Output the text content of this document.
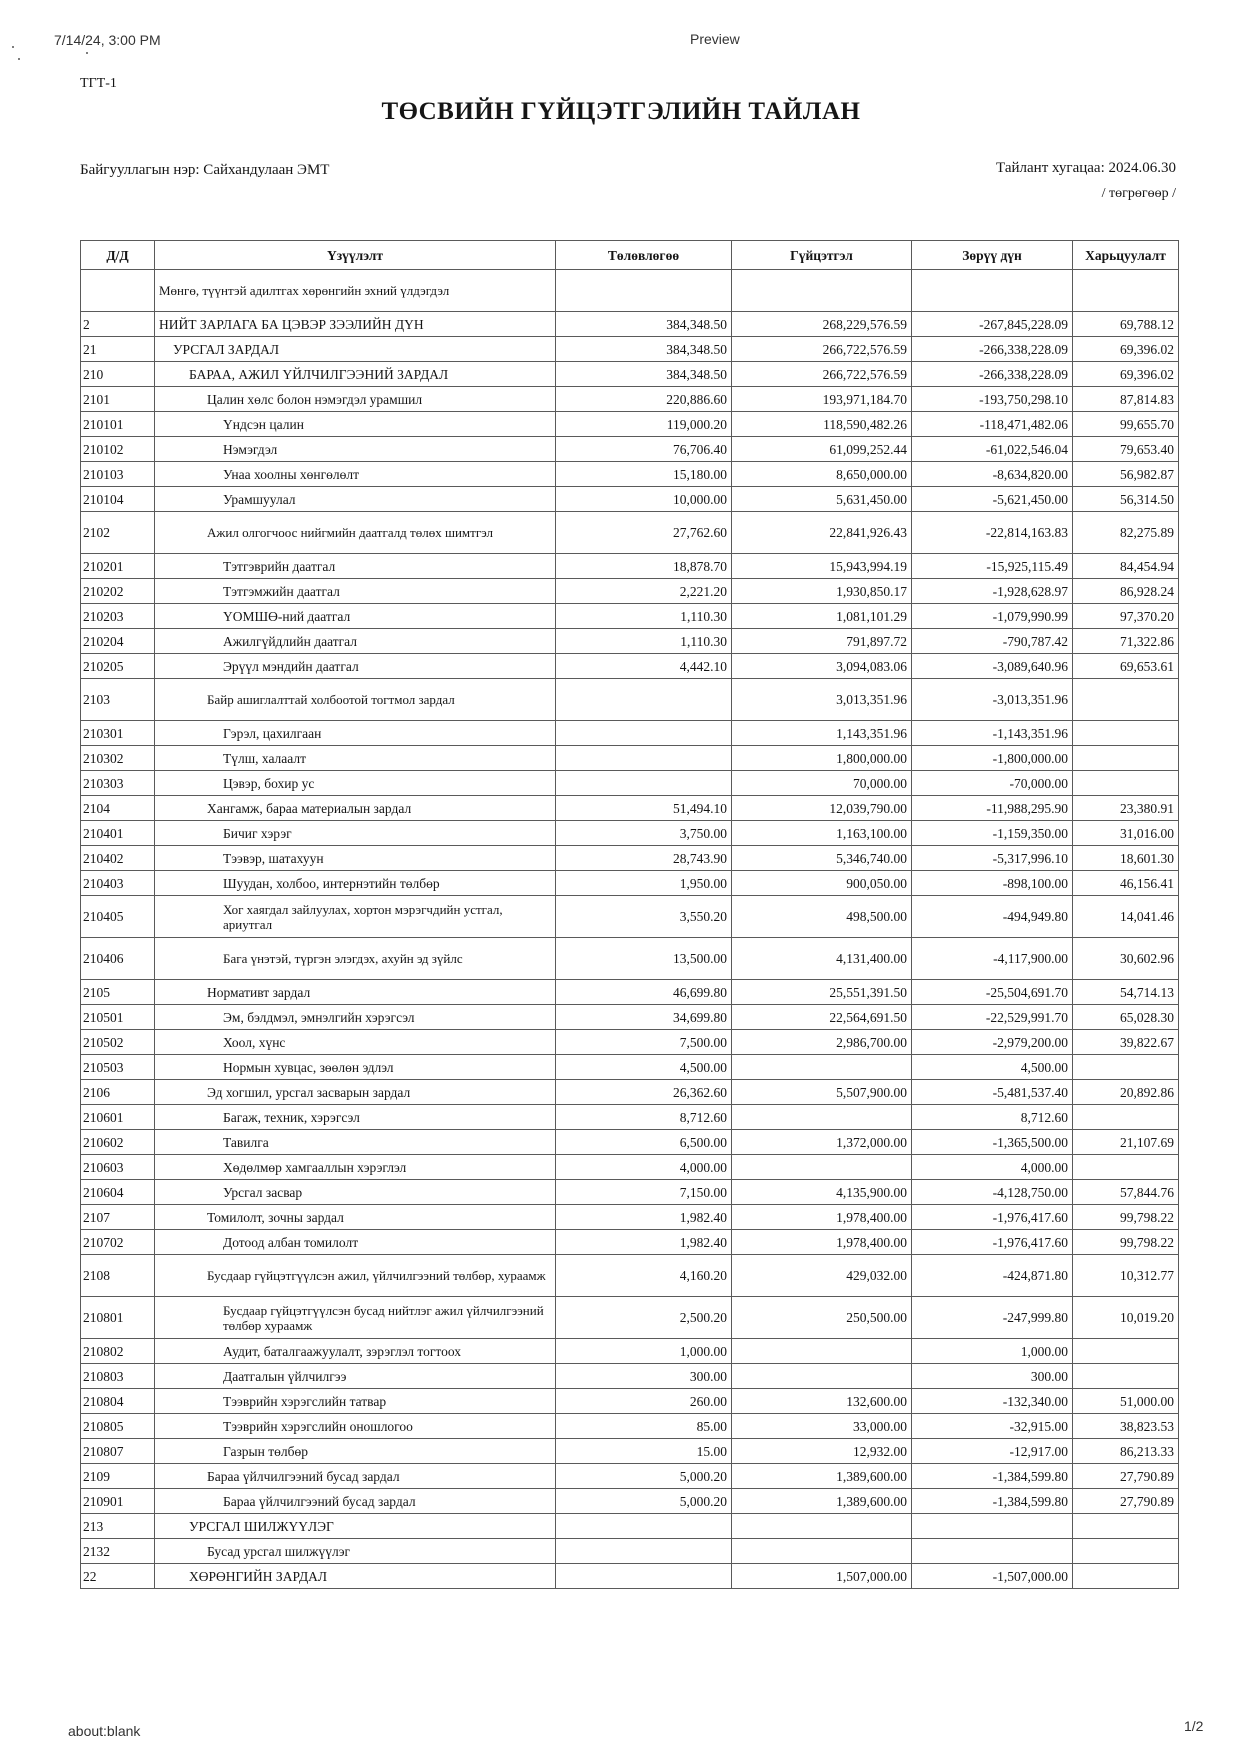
7/14/24, 3:00 PM	Preview
ТГТ-1
ТӨСВИЙН ГҮЙЦЭТГЭЛИЙН ТАЙЛАН
Байгууллагын нэр: Сайхандулаан ЭМТ	Тайлант хугацаа: 2024.06.30
/ төгрөгөөр /
Д/Д	Үзүүлэлт	Төлөвлөгөө	Гүйцэтгэл	Зөрүү дүн	Харьцуулалт
	Мөнгө, түүнтэй адилтгах хөрөнгийн эхний үлдэгдэл				
2	НИЙТ ЗАРЛАГА БА ЦЭВЭР ЗЭЭЛИЙН ДҮН	384,348.50	268,229,576.59	-267,845,228.09	69,788.12
21	УРСГАЛ ЗАРДАЛ	384,348.50	266,722,576.59	-266,338,228.09	69,396.02
210	БАРАА, АЖИЛ ҮЙЛЧИЛГЭЭНИЙ ЗАРДАЛ	384,348.50	266,722,576.59	-266,338,228.09	69,396.02
2101	Цалин хөлс болон нэмэгдэл урамшил	220,886.60	193,971,184.70	-193,750,298.10	87,814.83
210101	Үндсэн цалин	119,000.20	118,590,482.26	-118,471,482.06	99,655.70
210102	Нэмэгдэл	76,706.40	61,099,252.44	-61,022,546.04	79,653.40
210103	Унаа хоолны хөнгөлөлт	15,180.00	8,650,000.00	-8,634,820.00	56,982.87
210104	Урамшуулал	10,000.00	5,631,450.00	-5,621,450.00	56,314.50
2102	Ажил олгогчоос нийгмийн даатгалд төлөх шимтгэл	27,762.60	22,841,926.43	-22,814,163.83	82,275.89
210201	Тэтгэврийн даатгал	18,878.70	15,943,994.19	-15,925,115.49	84,454.94
210202	Тэтгэмжийн даатгал	2,221.20	1,930,850.17	-1,928,628.97	86,928.24
210203	ҮОМШӨ-ний даатгал	1,110.30	1,081,101.29	-1,079,990.99	97,370.20
210204	Ажилгүйдлийн даатгал	1,110.30	791,897.72	-790,787.42	71,322.86
210205	Эрүүл мэндийн даатгал	4,442.10	3,094,083.06	-3,089,640.96	69,653.61
2103	Байр ашиглалттай холбоотой тогтмол зардал		3,013,351.96	-3,013,351.96	
210301	Гэрэл, цахилгаан		1,143,351.96	-1,143,351.96	
210302	Түлш, халаалт		1,800,000.00	-1,800,000.00	
210303	Цэвэр, бохир ус		70,000.00	-70,000.00	
2104	Хангамж, бараа материалын зардал	51,494.10	12,039,790.00	-11,988,295.90	23,380.91
210401	Бичиг хэрэг	3,750.00	1,163,100.00	-1,159,350.00	31,016.00
210402	Тээвэр, шатахуун	28,743.90	5,346,740.00	-5,317,996.10	18,601.30
210403	Шуудан, холбоо, интернэтийн төлбөр	1,950.00	900,050.00	-898,100.00	46,156.41
210405	Хог хаягдал зайлуулах, хортон мэрэгчдийн устгал, ариутгал	3,550.20	498,500.00	-494,949.80	14,041.46
210406	Бага үнэтэй, түргэн элэгдэх, ахуйн эд зүйлс	13,500.00	4,131,400.00	-4,117,900.00	30,602.96
2105	Нормативт зардал	46,699.80	25,551,391.50	-25,504,691.70	54,714.13
210501	Эм, бэлдмэл, эмнэлгийн хэрэгсэл	34,699.80	22,564,691.50	-22,529,991.70	65,028.30
210502	Хоол, хүнс	7,500.00	2,986,700.00	-2,979,200.00	39,822.67
210503	Нормын хувцас, зөөлөн эдлэл	4,500.00		4,500.00	
2106	Эд хогшил, урсгал засварын зардал	26,362.60	5,507,900.00	-5,481,537.40	20,892.86
210601	Багаж, техник, хэрэгсэл	8,712.60		8,712.60	
210602	Тавилга	6,500.00	1,372,000.00	-1,365,500.00	21,107.69
210603	Хөдөлмөр хамгааллын хэрэглэл	4,000.00		4,000.00	
210604	Урсгал засвар	7,150.00	4,135,900.00	-4,128,750.00	57,844.76
2107	Томилолт, зочны зардал	1,982.40	1,978,400.00	-1,976,417.60	99,798.22
210702	Дотоод албан томилолт	1,982.40	1,978,400.00	-1,976,417.60	99,798.22
2108	Бусдаар гүйцэтгүүлсэн ажил, үйлчилгээний төлбөр, хураамж	4,160.20	429,032.00	-424,871.80	10,312.77
210801	Бусдаар гүйцэтгүүлсэн бусад нийтлэг ажил үйлчилгээний төлбөр хураамж	2,500.20	250,500.00	-247,999.80	10,019.20
210802	Аудит, баталгаажуулалт, зэрэглэл тогтоох	1,000.00		1,000.00	
210803	Даатгалын үйлчилгээ	300.00		300.00	
210804	Тээврийн хэрэгслийн татвар	260.00	132,600.00	-132,340.00	51,000.00
210805	Тээврийн хэрэгслийн оношлогоо	85.00	33,000.00	-32,915.00	38,823.53
210807	Газрын төлбөр	15.00	12,932.00	-12,917.00	86,213.33
2109	Бараа үйлчилгээний бусад зардал	5,000.20	1,389,600.00	-1,384,599.80	27,790.89
210901	Бараа үйлчилгээний бусад зардал	5,000.20	1,389,600.00	-1,384,599.80	27,790.89
213	УРСГАЛ ШИЛЖҮҮЛЭГ				
2132	Бусад урсгал шилжүүлэг				
22	ХӨРӨНГИЙН ЗАРДАЛ		1,507,000.00	-1,507,000.00	
about:blank	1/2
